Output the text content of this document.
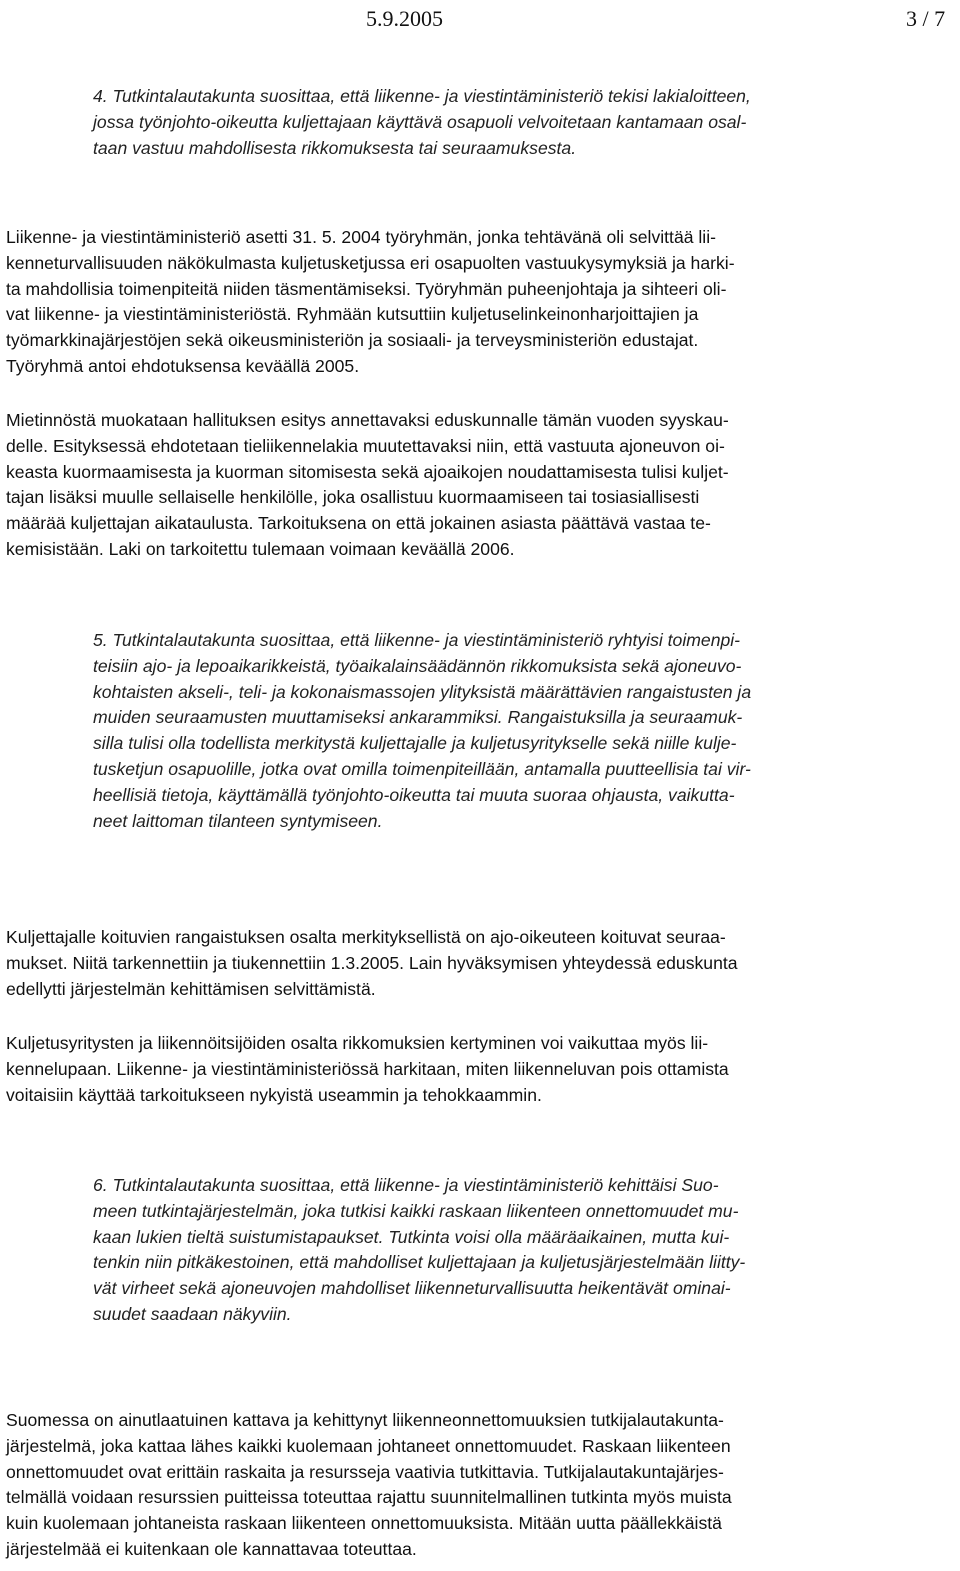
5.9.2005	3 / 7
4. Tutkintalautakunta suosittaa, että liikenne- ja viestintäministeriö tekisi lakialoitteen,
jossa työnjohto-oikeutta kuljettajaan käyttävä osapuoli velvoitetaan kantamaan osal-
taan vastuu mahdollisesta rikkomuksesta tai seuraamuksesta.
Liikenne- ja viestintäministeriö asetti 31. 5. 2004 työryhmän, jonka tehtävänä oli selvittää lii-
kenneturvallisuuden näkökulmasta kuljetusketjussa eri osapuolten vastuukysymyksiä ja harki-
ta mahdollisia toimenpiteitä niiden täsmentämiseksi. Työryhmän puheenjohtaja ja sihteeri oli-
vat liikenne- ja viestintäministeriöstä. Ryhmään kutsuttiin kuljetuselinkeinonharjoittajien ja
työmarkkinajärjestöjen sekä oikeusministeriön ja sosiaali- ja terveysministeriön edustajat.
Työryhmä antoi ehdotuksensa keväällä 2005.
Mietinnöstä muokataan hallituksen esitys annettavaksi eduskunnalle tämän vuoden syyskau-
delle. Esityksessä ehdotetaan tieliikennelakia muutettavaksi niin, että vastuuta ajoneuvon oi-
keasta kuormaamisesta ja kuorman sitomisesta sekä ajoaikojen noudattamisesta tulisi kuljet-
tajan lisäksi muulle sellaiselle henkilölle, joka osallistuu kuormaamiseen tai tosiasiallisesti
määrää kuljettajan aikataulusta. Tarkoituksena on että jokainen asiasta päättävä vastaa te-
kemisistään. Laki on tarkoitettu tulemaan voimaan keväällä 2006.
5. Tutkintalautakunta suosittaa, että liikenne- ja viestintäministeriö ryhtyisi toimenpi-
teisiin ajo- ja lepoaikarikkeistä, työaikalainsäädännön rikkomuksista sekä ajoneuvo-
kohtaisten akseli-, teli- ja kokonaismassojen ylityksistä määrättävien rangaistusten ja
muiden seuraamusten muuttamiseksi ankarammiksi. Rangaistuksilla ja seuraamuk-
silla tulisi olla todellista merkitystä kuljettajalle ja kuljetusyritykselle sekä niille kulje-
tusketjun osapuolille, jotka ovat omilla toimenpiteillään, antamalla puutteellisia tai vir-
heellisiä tietoja, käyttämällä työnjohto-oikeutta tai muuta suoraa ohjausta, vaikutta-
neet laittoman tilanteen syntymiseen.
Kuljettajalle koituvien rangaistuksen osalta merkityksellistä on ajo-oikeuteen koituvat seuraa-
mukset. Niitä tarkennettiin ja tiukennettiin 1.3.2005. Lain hyväksymisen yhteydessä eduskunta
edellytti järjestelmän kehittämisen selvittämistä.
Kuljetusyritysten ja liikennöitsijöiden osalta rikkomuksien kertyminen voi vaikuttaa myös lii-
kennelupaan. Liikenne- ja viestintäministeriössä harkitaan, miten liikenneluvan pois ottamista
voitaisiin käyttää tarkoitukseen nykyistä useammin ja tehokkaammin.
6. Tutkintalautakunta suosittaa, että liikenne- ja viestintäministeriö kehittäisi Suo-
meen tutkintajärjestelmän, joka tutkisi kaikki raskaan liikenteen onnettomuudet mu-
kaan lukien tieltä suistumistapaukset. Tutkinta voisi olla määräaikainen, mutta kui-
tenkin niin pitkäkestoinen, että mahdolliset kuljettajaan ja kuljetusjärjestelmään liitty-
vät virheet sekä ajoneuvojen mahdolliset liikenneturvallisuutta heikentävät ominai-
suudet saadaan näkyviin.
Suomessa on ainutlaatuinen kattava ja kehittynyt liikenneonnettomuuksien tutkijalautakunta-
järjestelmä, joka kattaa lähes kaikki kuolemaan johtaneet onnettomuudet. Raskaan liikenteen
onnettomuudet ovat erittäin raskaita ja resursseja vaativia tutkittavia. Tutkijalautakuntajärjes-
telmällä voidaan resurssien puitteissa toteuttaa rajattu suunnitelmallinen tutkinta myös muista
kuin kuolemaan johtaneista raskaan liikenteen onnettomuuksista. Mitään uutta päällekkäistä
järjestelmää ei kuitenkaan ole kannattavaa toteuttaa.
